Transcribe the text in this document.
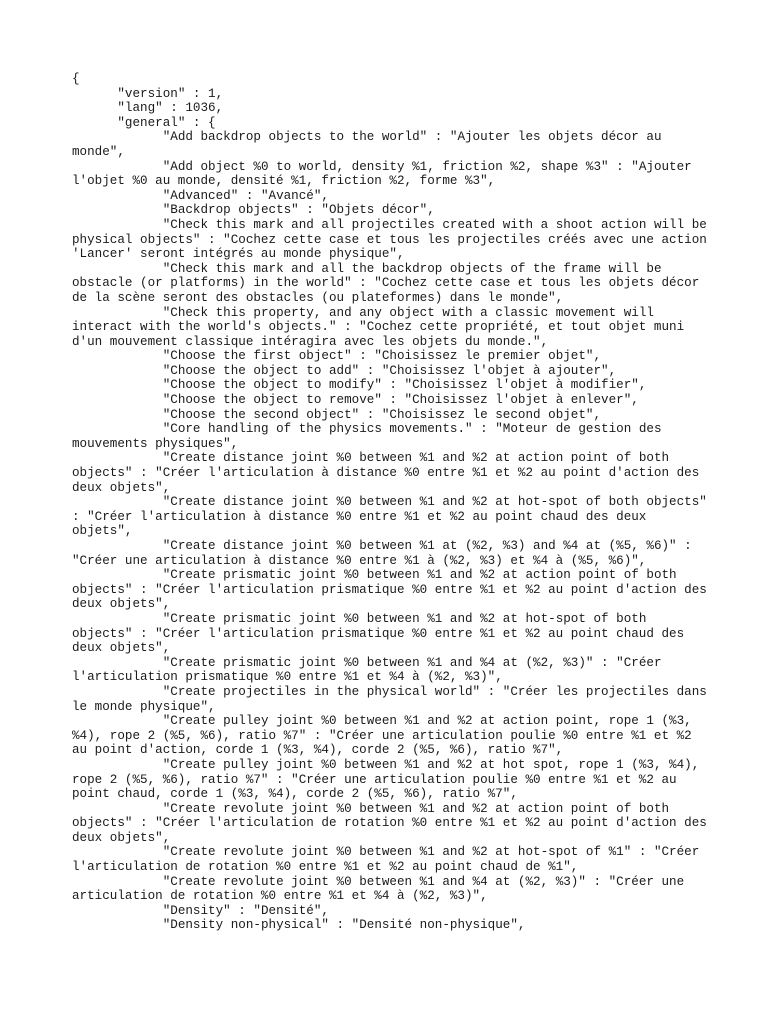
{

"version" : 1,

"lang" : 1036,

"general" : {

"Add backdrop objects to the world" : "Ajouter les objets décor au monde",

"Add object %0 to world, density %1, friction %2, shape %3" : "Ajouter l'objet %0 au monde, densité %1, friction %2, forme %3",

"Advanced" : "Avancé",

"Backdrop objects" : "Objets décor",

"Check this mark and all projectiles created with a shoot action will be physical objects" : "Cochez cette case et tous les projectiles créés avec une action 'Lancer' seront intégrés au monde physique",

"Check this mark and all the backdrop objects of the frame will be obstacle (or platforms) in the world" : "Cochez cette case et tous les objets décor de la scène seront des obstacles (ou plateformes) dans le monde",

"Check this property, and any object with a classic movement will interact with the world's objects." : "Cochez cette propriété, et tout objet muni d'un mouvement classique intéragira avec les objets du monde.",

"Choose the first object" : "Choisissez le premier objet",

"Choose the object to add" : "Choisissez l'objet à ajouter",

"Choose the object to modify" : "Choisissez l'objet à modifier",

"Choose the object to remove" : "Choisissez l'objet à enlever",

"Choose the second object" : "Choisissez le second objet",

"Core handling of the physics movements." : "Moteur de gestion des mouvements physiques",

"Create distance joint %0 between %1 and %2 at action point of both objects" : "Créer l'articulation à distance %0 entre %1 et %2 au point d'action des deux objets",

"Create distance joint %0 between %1 and %2 at hot-spot of both objects" : "Créer l'articulation à distance %0 entre %1 et %2 au point chaud des deux objets",

"Create distance joint %0 between %1 at (%2, %3) and %4 at (%5, %6)" : "Créer une articulation à distance %0 entre %1 à (%2, %3) et %4 à (%5, %6)",

"Create prismatic joint %0 between %1 and %2 at action point of both objects" : "Créer l'articulation prismatique %0 entre %1 et %2 au point d'action des deux objets",

"Create prismatic joint %0 between %1 and %2 at hot-spot of both objects" : "Créer l'articulation prismatique %0 entre %1 et %2 au point chaud des deux objets",

"Create prismatic joint %0 between %1 and %4 at (%2, %3)" : "Créer l'articulation prismatique %0 entre %1 et %4 à (%2, %3)",

"Create projectiles in the physical world" : "Créer les projectiles dans le monde physique",

"Create pulley joint %0 between %1 and %2 at action point, rope 1 (%3, %4), rope 2 (%5, %6), ratio %7" : "Créer une articulation poulie %0 entre %1 et %2 au point d'action, corde 1 (%3, %4), corde 2 (%5, %6), ratio %7",

"Create pulley joint %0 between %1 and %2 at hot spot, rope 1 (%3, %4), rope 2 (%5, %6), ratio %7" : "Créer une articulation poulie %0 entre %1 et %2 au point chaud, corde 1 (%3, %4), corde 2 (%5, %6), ratio %7",

"Create revolute joint %0 between %1 and %2 at action point of both objects" : "Créer l'articulation de rotation %0 entre %1 et %2 au point d'action des deux objets",

"Create revolute joint %0 between %1 and %2 at hot-spot of %1" : "Créer l'articulation de rotation %0 entre %1 et %2 au point chaud de %1",

"Create revolute joint %0 between %1 and %4 at (%2, %3)" : "Créer une articulation de rotation %0 entre %1 et %4 à (%2, %3)",

"Density" : "Densité",

"Density non-physical" : "Densité non-physique",
